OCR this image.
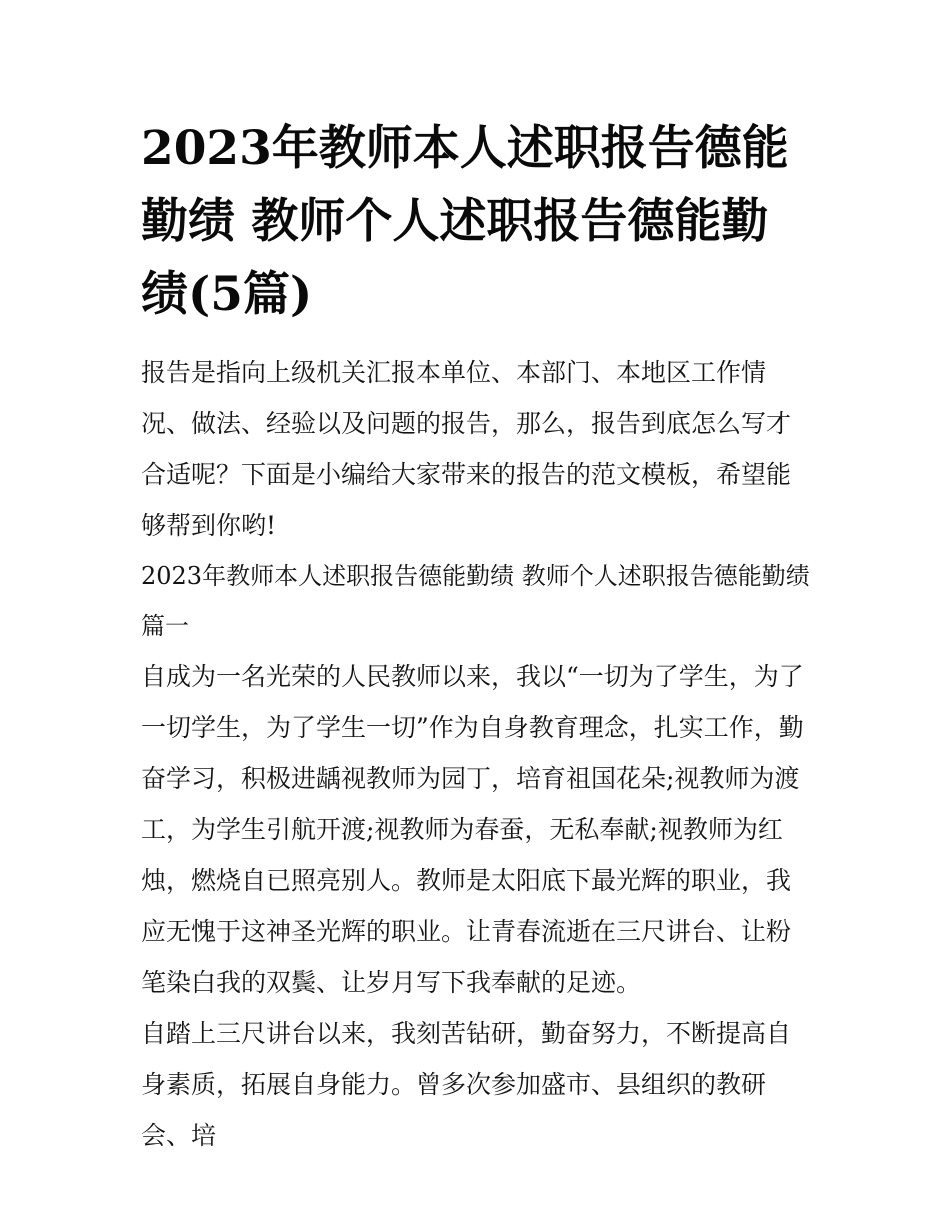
2023年教师本人述职报告德能勤绩 教师个人述职报告德能勤绩(5篇)

报告是指向上级机关汇报本单位、本部门、本地区工作情况、做法、经验以及问题的报告，那么，报告到底怎么写才合适呢？下面是小编给大家带来的报告的范文模板，希望能够帮到你哟!

2023年教师本人述职报告德能勤绩 教师个人述职报告德能勤绩篇一

自成为一名光荣的人民教师以来，我以“一切为了学生，为了一切学生，为了学生一切”作为自身教育理念，扎实工作，勤奋学习，积极进龋视教师为园丁，培育祖国花朵;视教师为渡工，为学生引航开渡;视教师为春蚕，无私奉献;视教师为红烛，燃烧自已照亮别人。教师是太阳底下最光辉的职业，我应无愧于这神圣光辉的职业。让青春流逝在三尺讲台、让粉笔染白我的双鬓、让岁月写下我奉献的足迹。

自踏上三尺讲台以来，我刻苦钻研，勤奋努力，不断提高自身素质，拓展自身能力。曾多次参加盛市、县组织的教研会、培
